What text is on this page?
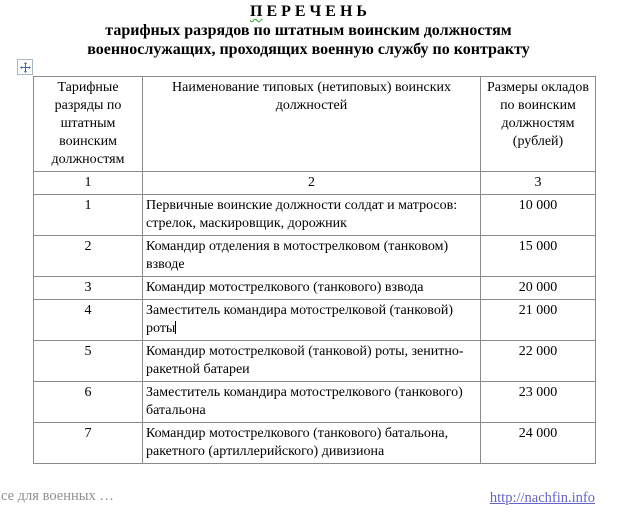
П Е Р Е Ч Е Н Ь
тарифных разрядов по штатным воинским должностям
военнослужащих, проходящих военную службу по контракту
Тарифные разряды по штатным воинским должностям	Наименование типовых (нетиповых) воинских должностей	Размеры окладов по воинским должностям (рублей)
1	2	3
1	Первичные воинские должности солдат и матросов: стрелок, маскировщик, дорожник	10 000
2	Командир отделения в мотострелковом (танковом) взводе	15 000
3	Командир мотострелкового (танкового) взвода	20 000
4	Заместитель командира мотострелковой (танковой) роты	21 000
5	Командир мотострелковой (танковой) роты, зенитно-ракетной батареи	22 000
6	Заместитель командира мотострелкового (танкового) батальона	23 000
7	Командир мотострелкового (танкового) батальона, ракетного (артиллерийского) дивизиона	24 000
се для военных …	http://nachfin.info
